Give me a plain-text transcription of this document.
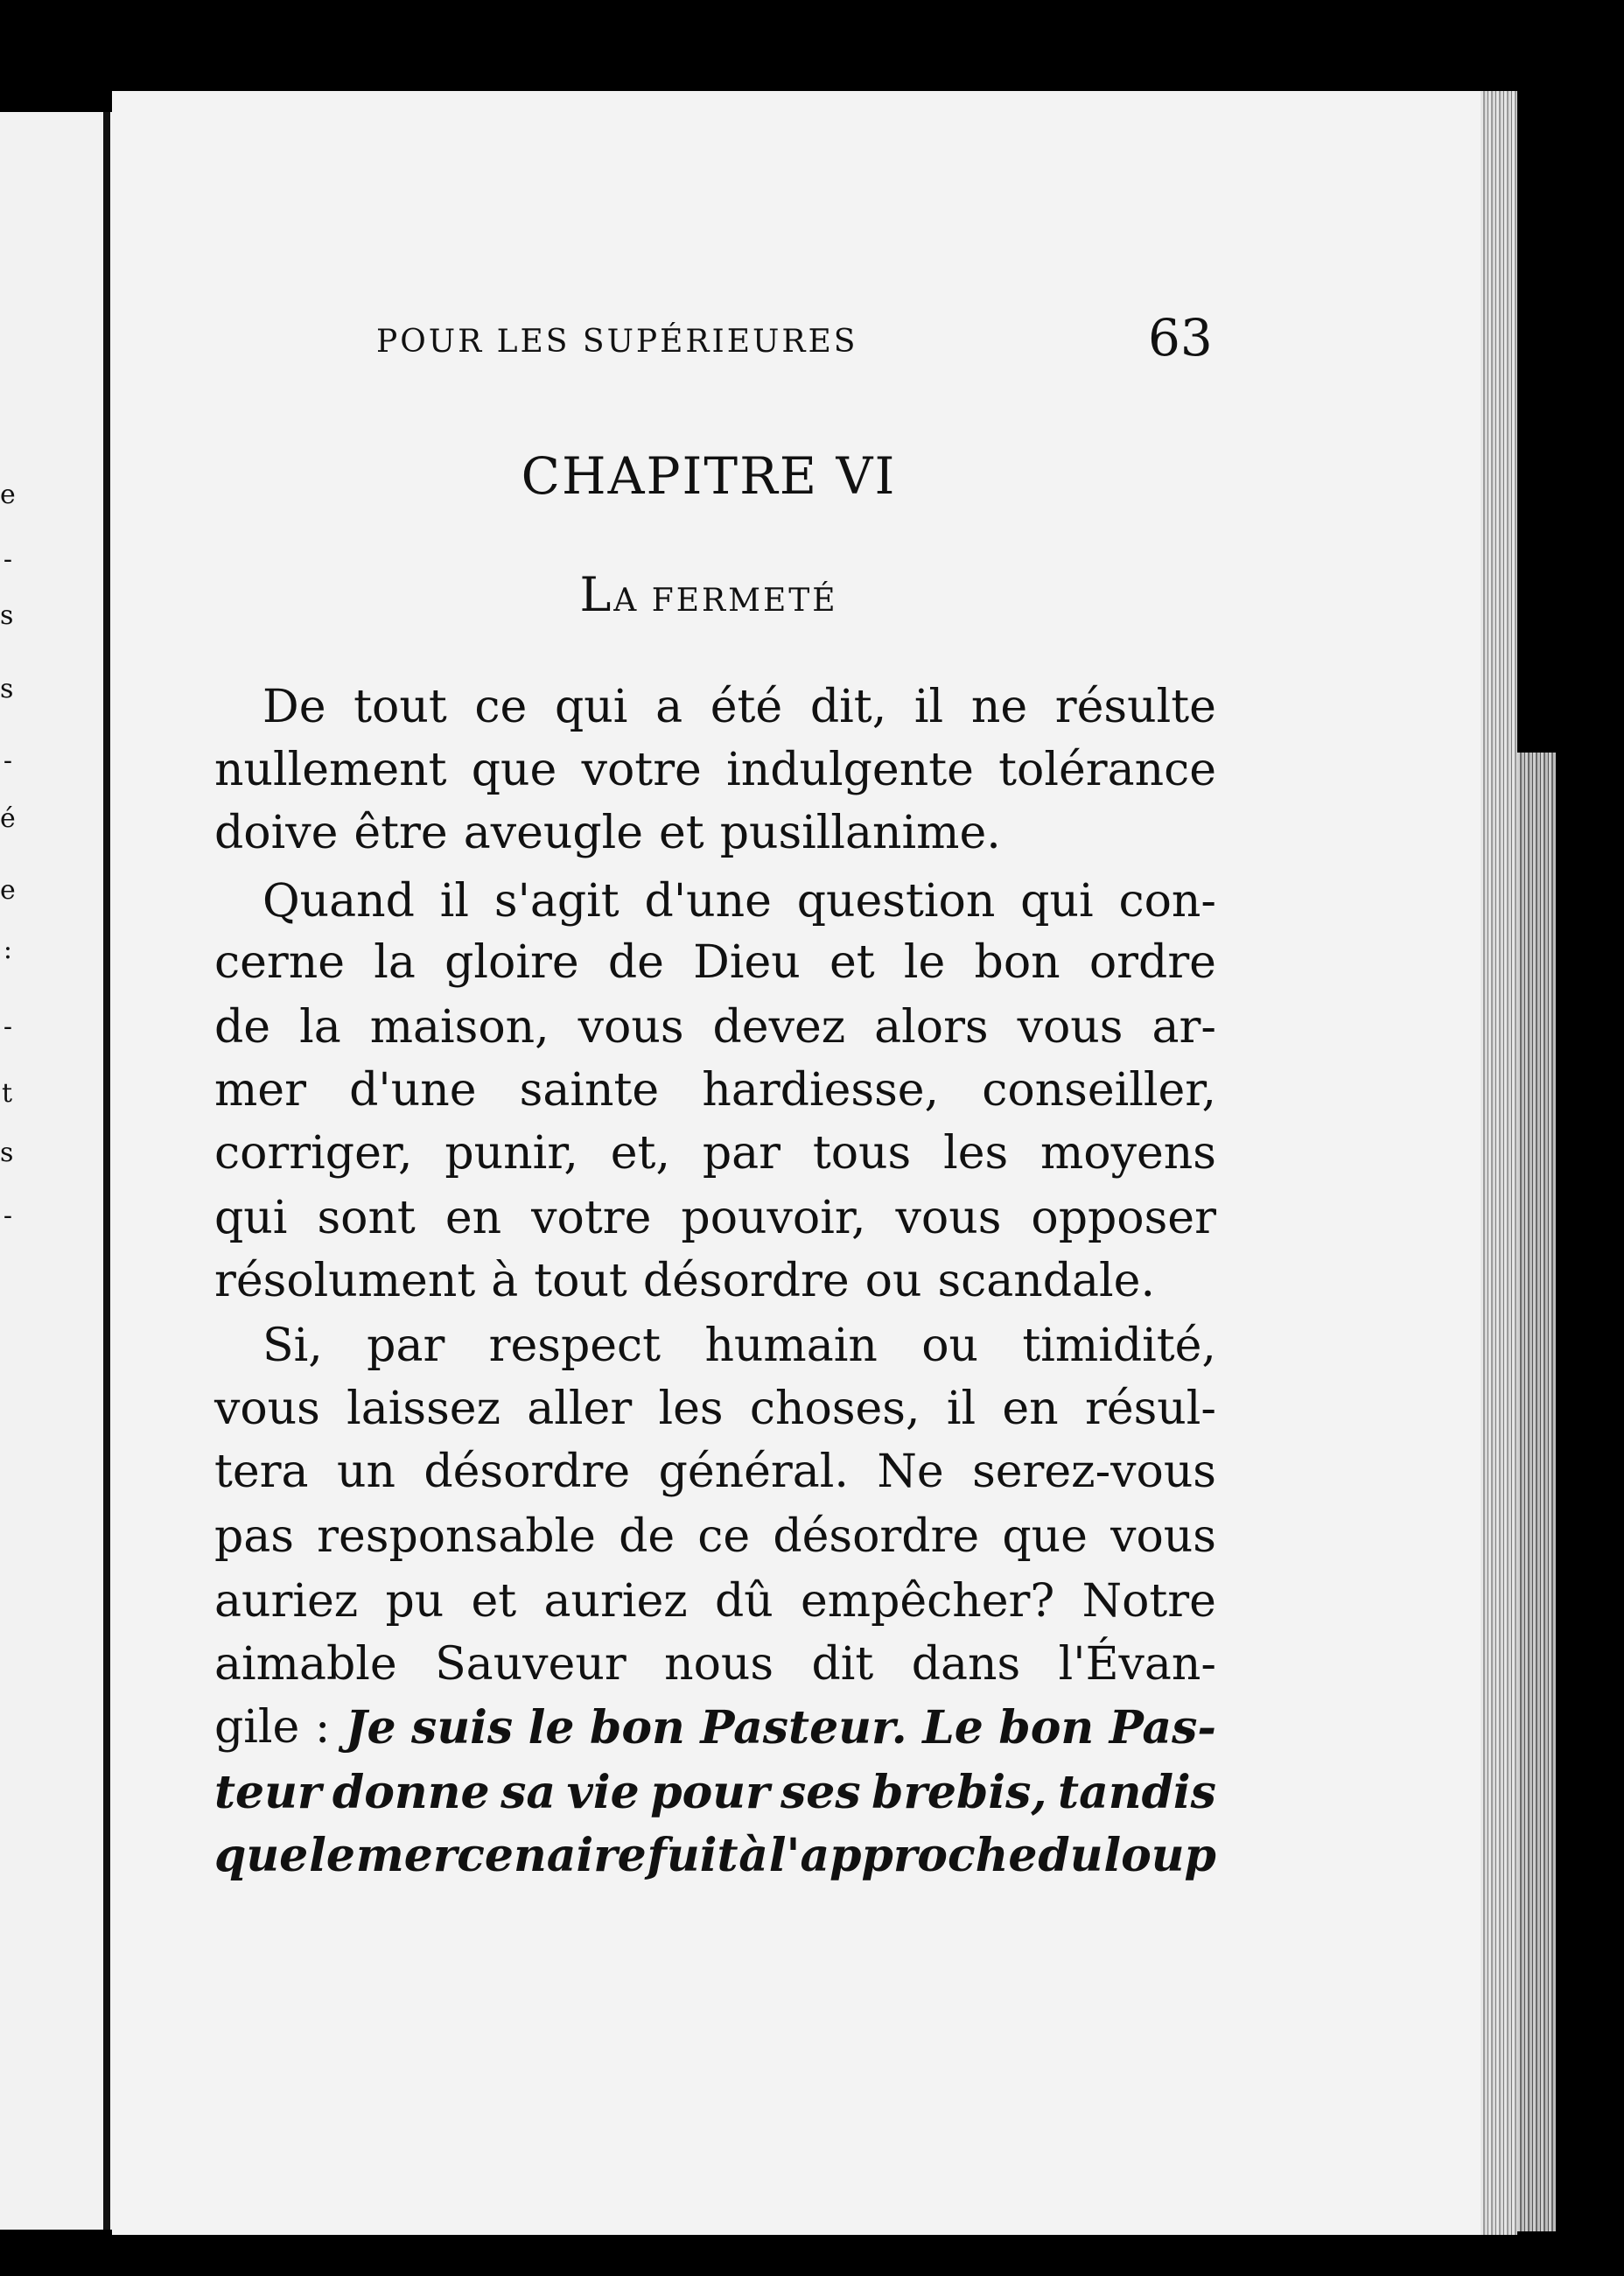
e
-
s
s
-
é
e
:
-
t
s
-
POUR LES SUPÉRIEURES	63
CHAPITRE VI
LA FERMETÉ
De tout ce qui a été dit, il ne résulte
nullement que votre indulgente tolérance
doive être aveugle et pusillanime.
Quand il s'agit d'une question qui con-
cerne la gloire de Dieu et le bon ordre
de la maison, vous devez alors vous ar-
mer d'une sainte hardiesse, conseiller,
corriger, punir, et, par tous les moyens
qui sont en votre pouvoir, vous opposer
résolument à tout désordre ou scandale.
Si, par respect humain ou timidité,
vous laissez aller les choses, il en résul-
tera un désordre général. Ne serez-vous
pas responsable de ce désordre que vous
auriez pu et auriez dû empêcher? Notre
aimable Sauveur nous dit dans l'Évan-
gile : Je suis le bon Pasteur. Le bon Pas-
teur donne sa vie pour ses brebis, tandis
que le mercenaire fuit à l'approche du loup
